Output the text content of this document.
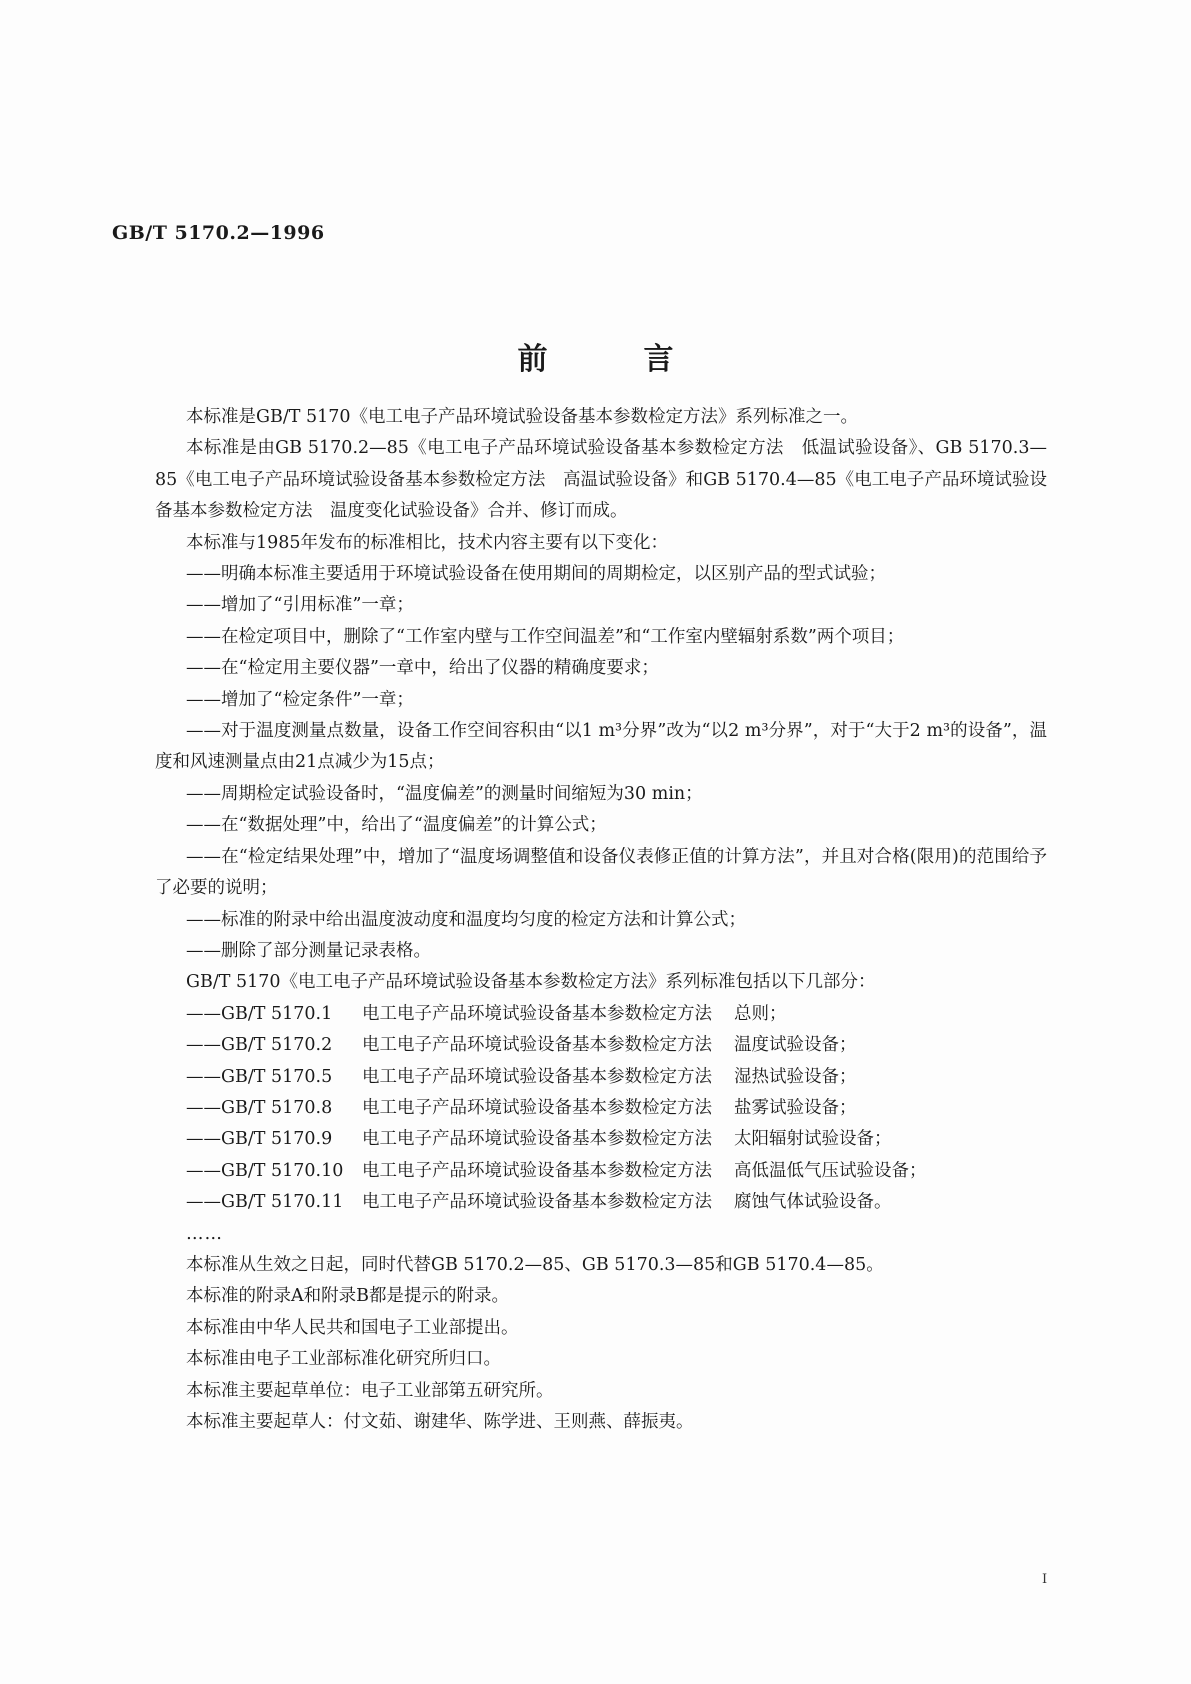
GB/T 5170.2—1996
前	言

本标准是GB/T 5170《电工电子产品环境试验设备基本参数检定方法》系列标准之一。

本标准是由GB 5170.2—85《电工电子产品环境试验设备基本参数检定方法　低温试验设备》、GB 5170.3—85《电工电子产品环境试验设备基本参数检定方法　高温试验设备》和GB 5170.4—85《电工电子产品环境试验设备基本参数检定方法　温度变化试验设备》合并、修订而成。

本标准与1985年发布的标准相比，技术内容主要有以下变化：

——明确本标准主要适用于环境试验设备在使用期间的周期检定，以区别产品的型式试验；

——增加了“引用标准”一章；

——在检定项目中，删除了“工作室内壁与工作空间温差”和“工作室内壁辐射系数”两个项目；

——在“检定用主要仪器”一章中，给出了仪器的精确度要求；

——增加了“检定条件”一章；

——对于温度测量点数量，设备工作空间容积由“以1 m³分界”改为“以2 m³分界”，对于“大于2 m³的设备”，温度和风速测量点由21点减少为15点；

——周期检定试验设备时，“温度偏差”的测量时间缩短为30 min；

——在“数据处理”中，给出了“温度偏差”的计算公式；

——在“检定结果处理”中，增加了“温度场调整值和设备仪表修正值的计算方法”，并且对合格(限用)的范围给予了必要的说明；

——标准的附录中给出温度波动度和温度均匀度的检定方法和计算公式；

——删除了部分测量记录表格。

GB/T 5170《电工电子产品环境试验设备基本参数检定方法》系列标准包括以下几部分：

——GB/T 5170.1 电工电子产品环境试验设备基本参数检定方法 总则；
——GB/T 5170.2 电工电子产品环境试验设备基本参数检定方法 温度试验设备；
——GB/T 5170.5 电工电子产品环境试验设备基本参数检定方法 湿热试验设备；
——GB/T 5170.8 电工电子产品环境试验设备基本参数检定方法 盐雾试验设备；
——GB/T 5170.9 电工电子产品环境试验设备基本参数检定方法 太阳辐射试验设备；
——GB/T 5170.10 电工电子产品环境试验设备基本参数检定方法 高低温低气压试验设备；
——GB/T 5170.11 电工电子产品环境试验设备基本参数检定方法 腐蚀气体试验设备。

……

本标准从生效之日起，同时代替GB 5170.2—85、GB 5170.3—85和GB 5170.4—85。

本标准的附录A和附录B都是提示的附录。

本标准由中华人民共和国电子工业部提出。

本标准由电子工业部标准化研究所归口。

本标准主要起草单位：电子工业部第五研究所。

本标准主要起草人：付文茹、谢建华、陈学进、王则燕、薛振夷。

I
